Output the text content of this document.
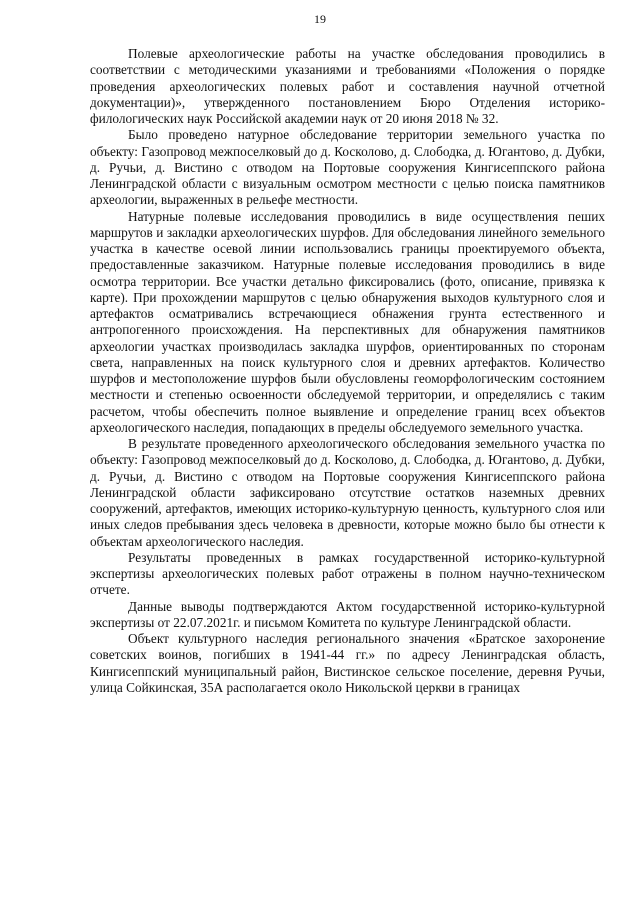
19

Полевые археологические работы на участке обследования проводились в соответствии с методическими указаниями и требованиями «Положения о порядке проведения археологических полевых работ и составления научной отчетной документации)», утвержденного постановлением Бюро Отделения историко-филологических наук Российской академии наук от 20 июня 2018 № 32.

Было проведено натурное обследование территории земельного участка по объекту: Газопровод межпоселковый до д. Косколово, д. Слободка, д. Югантово, д. Дубки, д. Ручьи, д. Вистино с отводом на Портовые сооружения Кингисеппского района Ленинградской области с визуальным осмотром местности с целью поиска памятников археологии, выраженных в рельефе местности.

Натурные полевые исследования проводились в виде осуществления пеших маршрутов и закладки археологических шурфов. Для обследования линейного земельного участка в качестве осевой линии использовались границы проектируемого объекта, предоставленные заказчиком. Натурные полевые исследования проводились в виде осмотра территории. Все участки детально фиксировались (фото, описание, привязка к карте). При прохождении маршрутов с целью обнаружения выходов культурного слоя и артефактов осматривались встречающиеся обнажения грунта естественного и антропогенного происхождения. На перспективных для обнаружения памятников археологии участках производилась закладка шурфов, ориентированных по сторонам света, направленных на поиск культурного слоя и древних артефактов. Количество шурфов и местоположение шурфов были обусловлены геоморфологическим состоянием местности и степенью освоенности обследуемой территории, и определялись с таким расчетом, чтобы обеспечить полное выявление и определение границ всех объектов археологического наследия, попадающих в пределы обследуемого земельного участка.

В результате проведенного археологического обследования земельного участка по объекту: Газопровод межпоселковый до д. Косколово, д. Слободка, д. Югантово, д. Дубки, д. Ручьи, д. Вистино с отводом на Портовые сооружения Кингисеппского района Ленинградской области зафиксировано отсутствие остатков наземных древних сооружений, артефактов, имеющих историко-культурную ценность, культурного слоя или иных следов пребывания здесь человека в древности, которые можно было бы отнести к объектам археологического наследия.

Результаты проведенных в рамках государственной историко-культурной экспертизы археологических полевых работ отражены в полном научно-техническом отчете.

Данные выводы подтверждаются Актом государственной историко-культурной экспертизы от 22.07.2021г. и письмом Комитета по культуре Ленинградской области.

Объект культурного наследия регионального значения «Братское захоронение советских воинов, погибших в 1941-44 гг.» по адресу Ленинградская область, Кингисеппский муниципальный район, Вистинское сельское поселение, деревня Ручьи, улица Сойкинская, 35А располагается около Никольской церкви в границах
